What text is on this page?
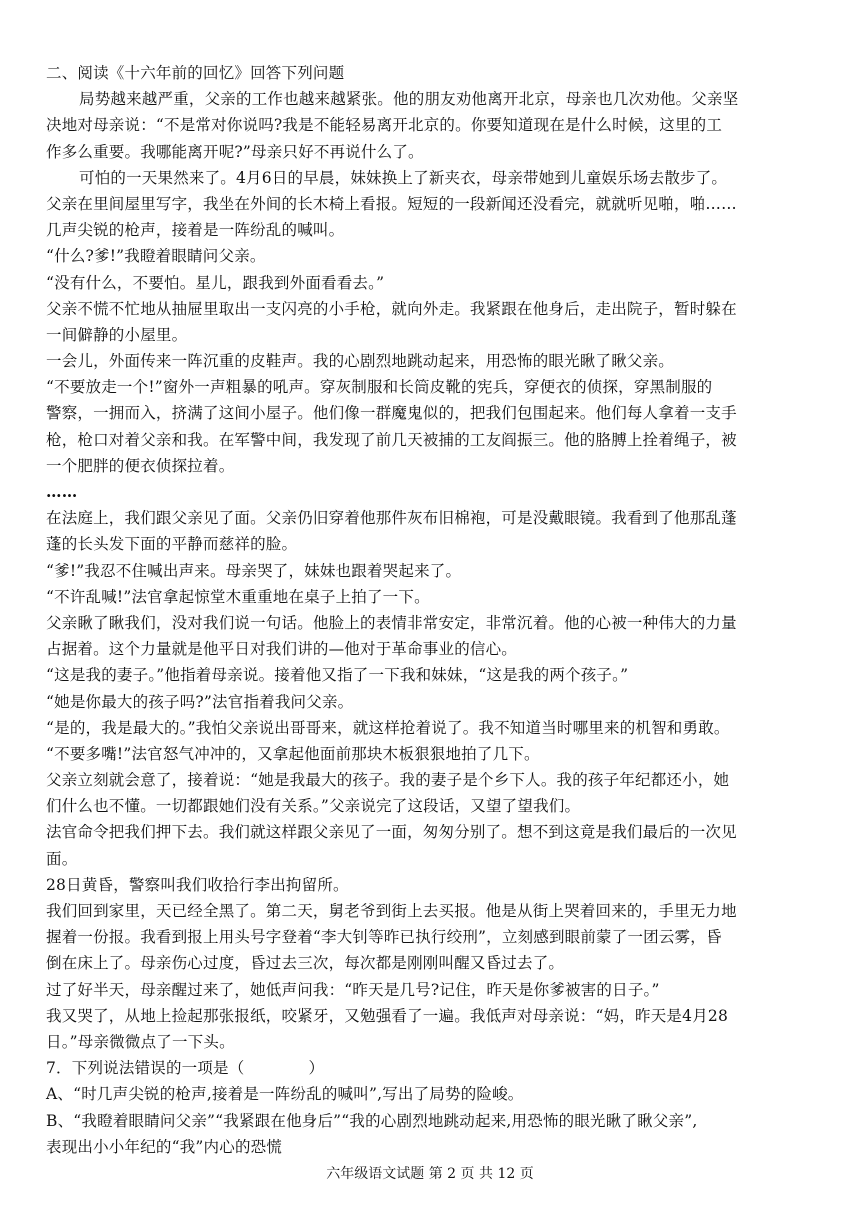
二、阅读《十六年前的回忆》回答下列问题
局势越来越严重，父亲的工作也越来越紧张。他的朋友劝他离开北京，母亲也几次劝他。父亲坚
决地对母亲说：“不是常对你说吗?我是不能轻易离开北京的。你要知道现在是什么时候，这里的工
作多么重要。我哪能离开呢?”母亲只好不再说什么了。
可怕的一天果然来了。4月6日的早晨，妹妹换上了新夹衣，母亲带她到儿童娱乐场去散步了。
父亲在里间屋里写字，我坐在外间的长木椅上看报。短短的一段新闻还没看完，就就听见啪，啪……
几声尖锐的枪声，接着是一阵纷乱的喊叫。
“什么?爹!”我瞪着眼睛问父亲。
“没有什么，不要怕。星儿，跟我到外面看看去。”
父亲不慌不忙地从抽屉里取出一支闪亮的小手枪，就向外走。我紧跟在他身后，走出院子，暂时躲在
一间僻静的小屋里。
一会儿，外面传来一阵沉重的皮鞋声。我的心剧烈地跳动起来，用恐怖的眼光瞅了瞅父亲。
“不要放走一个!”窗外一声粗暴的吼声。穿灰制服和长筒皮靴的宪兵，穿便衣的侦探，穿黑制服的
警察，一拥而入，挤满了这间小屋子。他们像一群魔鬼似的，把我们包围起来。他们每人拿着一支手
枪，枪口对着父亲和我。在军警中间，我发现了前几天被捕的工友阎振三。他的胳膊上拴着绳子，被
一个肥胖的便衣侦探拉着。
……
在法庭上，我们跟父亲见了面。父亲仍旧穿着他那件灰布旧棉袍，可是没戴眼镜。我看到了他那乱蓬
蓬的长头发下面的平静而慈祥的脸。
“爹!”我忍不住喊出声来。母亲哭了，妹妹也跟着哭起来了。
“不许乱喊!”法官拿起惊堂木重重地在桌子上拍了一下。
父亲瞅了瞅我们，没对我们说一句话。他脸上的表情非常安定，非常沉着。他的心被一种伟大的力量
占据着。这个力量就是他平日对我们讲的—他对于革命事业的信心。
“这是我的妻子。”他指着母亲说。接着他又指了一下我和妹妹，“这是我的两个孩子。”
“她是你最大的孩子吗?”法官指着我问父亲。
“是的，我是最大的。”我怕父亲说出哥哥来，就这样抢着说了。我不知道当时哪里来的机智和勇敢。
“不要多嘴!”法官怒气冲冲的，又拿起他面前那块木板狠狠地拍了几下。
父亲立刻就会意了，接着说：“她是我最大的孩子。我的妻子是个乡下人。我的孩子年纪都还小，她
们什么也不懂。一切都跟她们没有关系。”父亲说完了这段话，又望了望我们。
法官命令把我们押下去。我们就这样跟父亲见了一面，匆匆分别了。想不到这竟是我们最后的一次见
面。
28日黄昏，警察叫我们收拾行李出拘留所。
我们回到家里，天已经全黑了。第二天，舅老爷到街上去买报。他是从街上哭着回来的，手里无力地
握着一份报。我看到报上用头号字登着“李大钊等昨已执行绞刑”，立刻感到眼前蒙了一团云雾，昏
倒在床上了。母亲伤心过度，昏过去三次，每次都是刚刚叫醒又昏过去了。
过了好半天，母亲醒过来了，她低声问我：“昨天是几号?记住，昨天是你爹被害的日子。”
我又哭了，从地上捡起那张报纸，咬紧牙，又勉强看了一遍。我低声对母亲说：“妈，昨天是4月28
日。”母亲微微点了一下头。
7．下列说法错误的一项是（	）
A、“时几声尖锐的枪声,接着是一阵纷乱的喊叫”,写出了局势的险峻。
B、“我瞪着眼睛问父亲”“我紧跟在他身后”“我的心剧烈地跳动起来,用恐怖的眼光瞅了瞅父亲”,
表现出小小年纪的“我”内心的恐慌
六年级语文试题 第 2 页 共 12 页
